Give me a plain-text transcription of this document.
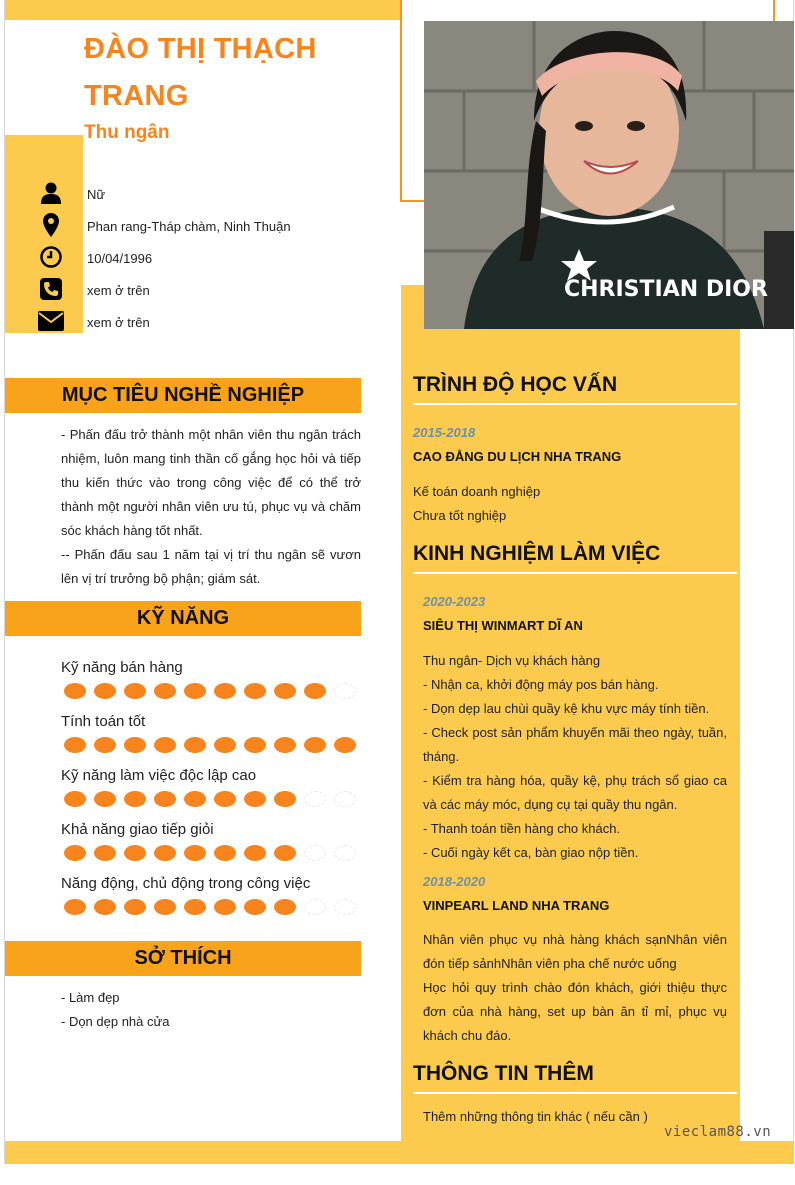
CHRISTIAN DIOR
ĐÀO THỊ THẠCH TRANG
Thu ngân
Nữ
Phan rang-Tháp chàm, Ninh Thuận
10/04/1996
xem ở trên
xem ở trên
MỤC TIÊU NGHỀ NGHIỆP
- Phấn đấu trở thành một nhân viên thu ngân trách nhiệm, luôn mang tinh thần cố gắng học hỏi và tiếp thu kiến thức vào trong công việc để có thể trở thành một người nhân viên ưu tú, phục vụ và chăm sóc khách hàng tốt nhất.
-- Phấn đấu sau 1 năm tại vị trí thu ngân sẽ vươn lên vị trí trưởng bộ phận; giám sát.
KỸ NĂNG
Kỹ năng bán hàng
Tính toán tốt
Kỹ năng làm việc độc lập cao
Khả năng giao tiếp giỏi
Năng động, chủ động trong công việc
SỞ THÍCH
- Làm đẹp
- Dọn dẹp nhà cửa
TRÌNH ĐỘ HỌC VẤN
2015-2018
CAO ĐẲNG DU LỊCH NHA TRANG
Kế toán doanh nghiệp
Chưa tốt nghiệp
KINH NGHIỆM LÀM VIỆC
2020-2023
SIÊU THỊ WINMART DĨ AN
Thu ngân- Dịch vụ khách hàng
- Nhận ca, khởi động máy pos bán hàng.
- Dọn dẹp lau chùi quầy kệ khu vực máy tính tiền.
- Check post sản phẩm khuyến mãi theo ngày, tuần, tháng.
- Kiểm tra hàng hóa, quầy kệ, phụ trách sổ giao ca và các máy móc, dụng cụ tại quầy thu ngân.
- Thanh toán tiền hàng cho khách.
- Cuối ngày kết ca, bàn giao nộp tiền.
2018-2020
VINPEARL LAND NHA TRANG
Nhân viên phục vụ nhà hàng khách sạnNhân viên đón tiếp sảnhNhân viên pha chế nước uống
Học hỏi quy trình chào đón khách, giới thiệu thực đơn của nhà hàng, set up bàn ăn tỉ mỉ, phục vụ khách chu đáo.
THÔNG TIN THÊM
Thêm những thông tin khác ( nếu cần )
vieclam88.vn
